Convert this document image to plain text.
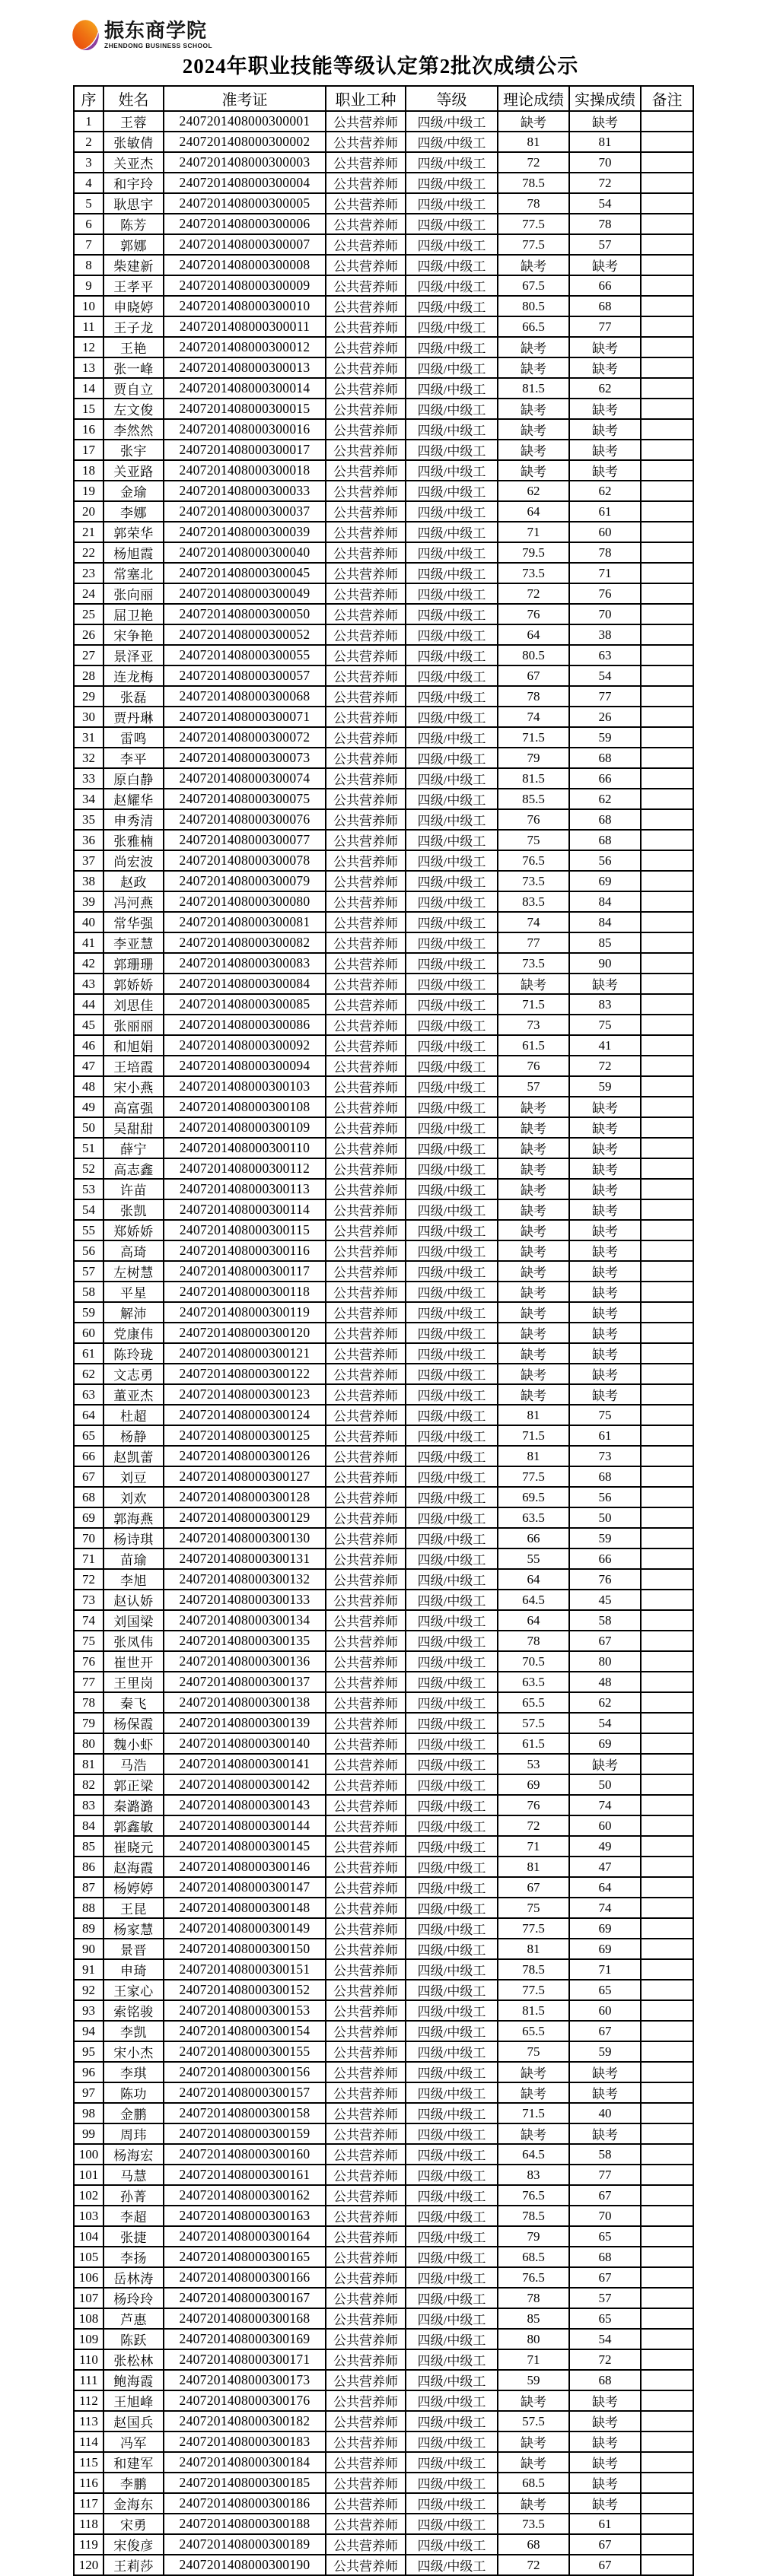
振东商学院
ZHENDONG BUSINESS SCHOOL
2024年职业技能等级认定第2批次成绩公示
序	姓名	准考证	职业工种	等级	理论成绩	实操成绩	备注
1	王蓉	2407201408000300001	公共营养师	四级/中级工	缺考	缺考	
2	张敏倩	2407201408000300002	公共营养师	四级/中级工	81	81	
3	关亚杰	2407201408000300003	公共营养师	四级/中级工	72	70	
4	和宇玲	2407201408000300004	公共营养师	四级/中级工	78.5	72	
5	耿思宇	2407201408000300005	公共营养师	四级/中级工	78	54	
6	陈芳	2407201408000300006	公共营养师	四级/中级工	77.5	78	
7	郭娜	2407201408000300007	公共营养师	四级/中级工	77.5	57	
8	柴建新	2407201408000300008	公共营养师	四级/中级工	缺考	缺考	
9	王孝平	2407201408000300009	公共营养师	四级/中级工	67.5	66	
10	申晓婷	2407201408000300010	公共营养师	四级/中级工	80.5	68	
11	王子龙	2407201408000300011	公共营养师	四级/中级工	66.5	77	
12	王艳	2407201408000300012	公共营养师	四级/中级工	缺考	缺考	
13	张一峰	2407201408000300013	公共营养师	四级/中级工	缺考	缺考	
14	贾自立	2407201408000300014	公共营养师	四级/中级工	81.5	62	
15	左文俊	2407201408000300015	公共营养师	四级/中级工	缺考	缺考	
16	李然然	2407201408000300016	公共营养师	四级/中级工	缺考	缺考	
17	张宇	2407201408000300017	公共营养师	四级/中级工	缺考	缺考	
18	关亚路	2407201408000300018	公共营养师	四级/中级工	缺考	缺考	
19	金瑜	2407201408000300033	公共营养师	四级/中级工	62	62	
20	李娜	2407201408000300037	公共营养师	四级/中级工	64	61	
21	郭荣华	2407201408000300039	公共营养师	四级/中级工	71	60	
22	杨旭霞	2407201408000300040	公共营养师	四级/中级工	79.5	78	
23	常塞北	2407201408000300045	公共营养师	四级/中级工	73.5	71	
24	张向丽	2407201408000300049	公共营养师	四级/中级工	72	76	
25	屈卫艳	2407201408000300050	公共营养师	四级/中级工	76	70	
26	宋争艳	2407201408000300052	公共营养师	四级/中级工	64	38	
27	景泽亚	2407201408000300055	公共营养师	四级/中级工	80.5	63	
28	连龙梅	2407201408000300057	公共营养师	四级/中级工	67	54	
29	张磊	2407201408000300068	公共营养师	四级/中级工	78	77	
30	贾丹琳	2407201408000300071	公共营养师	四级/中级工	74	26	
31	雷鸣	2407201408000300072	公共营养师	四级/中级工	71.5	59	
32	李平	2407201408000300073	公共营养师	四级/中级工	79	68	
33	原白静	2407201408000300074	公共营养师	四级/中级工	81.5	66	
34	赵耀华	2407201408000300075	公共营养师	四级/中级工	85.5	62	
35	申秀清	2407201408000300076	公共营养师	四级/中级工	76	68	
36	张雅楠	2407201408000300077	公共营养师	四级/中级工	75	68	
37	尚宏波	2407201408000300078	公共营养师	四级/中级工	76.5	56	
38	赵政	2407201408000300079	公共营养师	四级/中级工	73.5	69	
39	冯河燕	2407201408000300080	公共营养师	四级/中级工	83.5	84	
40	常华强	2407201408000300081	公共营养师	四级/中级工	74	84	
41	李亚慧	2407201408000300082	公共营养师	四级/中级工	77	85	
42	郭珊珊	2407201408000300083	公共营养师	四级/中级工	73.5	90	
43	郭娇娇	2407201408000300084	公共营养师	四级/中级工	缺考	缺考	
44	刘思佳	2407201408000300085	公共营养师	四级/中级工	71.5	83	
45	张丽丽	2407201408000300086	公共营养师	四级/中级工	73	75	
46	和旭娟	2407201408000300092	公共营养师	四级/中级工	61.5	41	
47	王培霞	2407201408000300094	公共营养师	四级/中级工	76	72	
48	宋小燕	2407201408000300103	公共营养师	四级/中级工	57	59	
49	高富强	2407201408000300108	公共营养师	四级/中级工	缺考	缺考	
50	吴甜甜	2407201408000300109	公共营养师	四级/中级工	缺考	缺考	
51	薛宁	2407201408000300110	公共营养师	四级/中级工	缺考	缺考	
52	高志鑫	2407201408000300112	公共营养师	四级/中级工	缺考	缺考	
53	许苗	2407201408000300113	公共营养师	四级/中级工	缺考	缺考	
54	张凯	2407201408000300114	公共营养师	四级/中级工	缺考	缺考	
55	郑娇娇	2407201408000300115	公共营养师	四级/中级工	缺考	缺考	
56	高琦	2407201408000300116	公共营养师	四级/中级工	缺考	缺考	
57	左树慧	2407201408000300117	公共营养师	四级/中级工	缺考	缺考	
58	平星	2407201408000300118	公共营养师	四级/中级工	缺考	缺考	
59	解沛	2407201408000300119	公共营养师	四级/中级工	缺考	缺考	
60	党康伟	2407201408000300120	公共营养师	四级/中级工	缺考	缺考	
61	陈玲珑	2407201408000300121	公共营养师	四级/中级工	缺考	缺考	
62	文志勇	2407201408000300122	公共营养师	四级/中级工	缺考	缺考	
63	董亚杰	2407201408000300123	公共营养师	四级/中级工	缺考	缺考	
64	杜超	2407201408000300124	公共营养师	四级/中级工	81	75	
65	杨静	2407201408000300125	公共营养师	四级/中级工	71.5	61	
66	赵凯蕾	2407201408000300126	公共营养师	四级/中级工	81	73	
67	刘豆	2407201408000300127	公共营养师	四级/中级工	77.5	68	
68	刘欢	2407201408000300128	公共营养师	四级/中级工	69.5	56	
69	郭海燕	2407201408000300129	公共营养师	四级/中级工	63.5	50	
70	杨诗琪	2407201408000300130	公共营养师	四级/中级工	66	59	
71	苗瑜	2407201408000300131	公共营养师	四级/中级工	55	66	
72	李旭	2407201408000300132	公共营养师	四级/中级工	64	76	
73	赵认娇	2407201408000300133	公共营养师	四级/中级工	64.5	45	
74	刘国梁	2407201408000300134	公共营养师	四级/中级工	64	58	
75	张凤伟	2407201408000300135	公共营养师	四级/中级工	78	67	
76	崔世开	2407201408000300136	公共营养师	四级/中级工	70.5	80	
77	王里岗	2407201408000300137	公共营养师	四级/中级工	63.5	48	
78	秦飞	2407201408000300138	公共营养师	四级/中级工	65.5	62	
79	杨保霞	2407201408000300139	公共营养师	四级/中级工	57.5	54	
80	魏小虾	2407201408000300140	公共营养师	四级/中级工	61.5	69	
81	马浩	2407201408000300141	公共营养师	四级/中级工	53	缺考	
82	郭正梁	2407201408000300142	公共营养师	四级/中级工	69	50	
83	秦潞潞	2407201408000300143	公共营养师	四级/中级工	76	74	
84	郭鑫敏	2407201408000300144	公共营养师	四级/中级工	72	60	
85	崔晓元	2407201408000300145	公共营养师	四级/中级工	71	49	
86	赵海霞	2407201408000300146	公共营养师	四级/中级工	81	47	
87	杨婷婷	2407201408000300147	公共营养师	四级/中级工	67	64	
88	王昆	2407201408000300148	公共营养师	四级/中级工	75	74	
89	杨家慧	2407201408000300149	公共营养师	四级/中级工	77.5	69	
90	景晋	2407201408000300150	公共营养师	四级/中级工	81	69	
91	申琦	2407201408000300151	公共营养师	四级/中级工	78.5	71	
92	王家心	2407201408000300152	公共营养师	四级/中级工	77.5	65	
93	索铭骏	2407201408000300153	公共营养师	四级/中级工	81.5	60	
94	李凯	2407201408000300154	公共营养师	四级/中级工	65.5	67	
95	宋小杰	2407201408000300155	公共营养师	四级/中级工	75	59	
96	李琪	2407201408000300156	公共营养师	四级/中级工	缺考	缺考	
97	陈功	2407201408000300157	公共营养师	四级/中级工	缺考	缺考	
98	金鹏	2407201408000300158	公共营养师	四级/中级工	71.5	40	
99	周玮	2407201408000300159	公共营养师	四级/中级工	缺考	缺考	
100	杨海宏	2407201408000300160	公共营养师	四级/中级工	64.5	58	
101	马慧	2407201408000300161	公共营养师	四级/中级工	83	77	
102	孙菁	2407201408000300162	公共营养师	四级/中级工	76.5	67	
103	李超	2407201408000300163	公共营养师	四级/中级工	78.5	70	
104	张捷	2407201408000300164	公共营养师	四级/中级工	79	65	
105	李扬	2407201408000300165	公共营养师	四级/中级工	68.5	68	
106	岳林涛	2407201408000300166	公共营养师	四级/中级工	76.5	67	
107	杨玲玲	2407201408000300167	公共营养师	四级/中级工	78	57	
108	芦惠	2407201408000300168	公共营养师	四级/中级工	85	65	
109	陈跃	2407201408000300169	公共营养师	四级/中级工	80	54	
110	张松林	2407201408000300171	公共营养师	四级/中级工	71	72	
111	鲍海霞	2407201408000300173	公共营养师	四级/中级工	59	68	
112	王旭峰	2407201408000300176	公共营养师	四级/中级工	缺考	缺考	
113	赵国兵	2407201408000300182	公共营养师	四级/中级工	57.5	缺考	
114	冯军	2407201408000300183	公共营养师	四级/中级工	缺考	缺考	
115	和建军	2407201408000300184	公共营养师	四级/中级工	缺考	缺考	
116	李鹏	2407201408000300185	公共营养师	四级/中级工	68.5	缺考	
117	金海东	2407201408000300186	公共营养师	四级/中级工	缺考	缺考	
118	宋勇	2407201408000300188	公共营养师	四级/中级工	73.5	61	
119	宋俊彦	2407201408000300189	公共营养师	四级/中级工	68	67	
120	王莉莎	2407201408000300190	公共营养师	四级/中级工	72	67	
